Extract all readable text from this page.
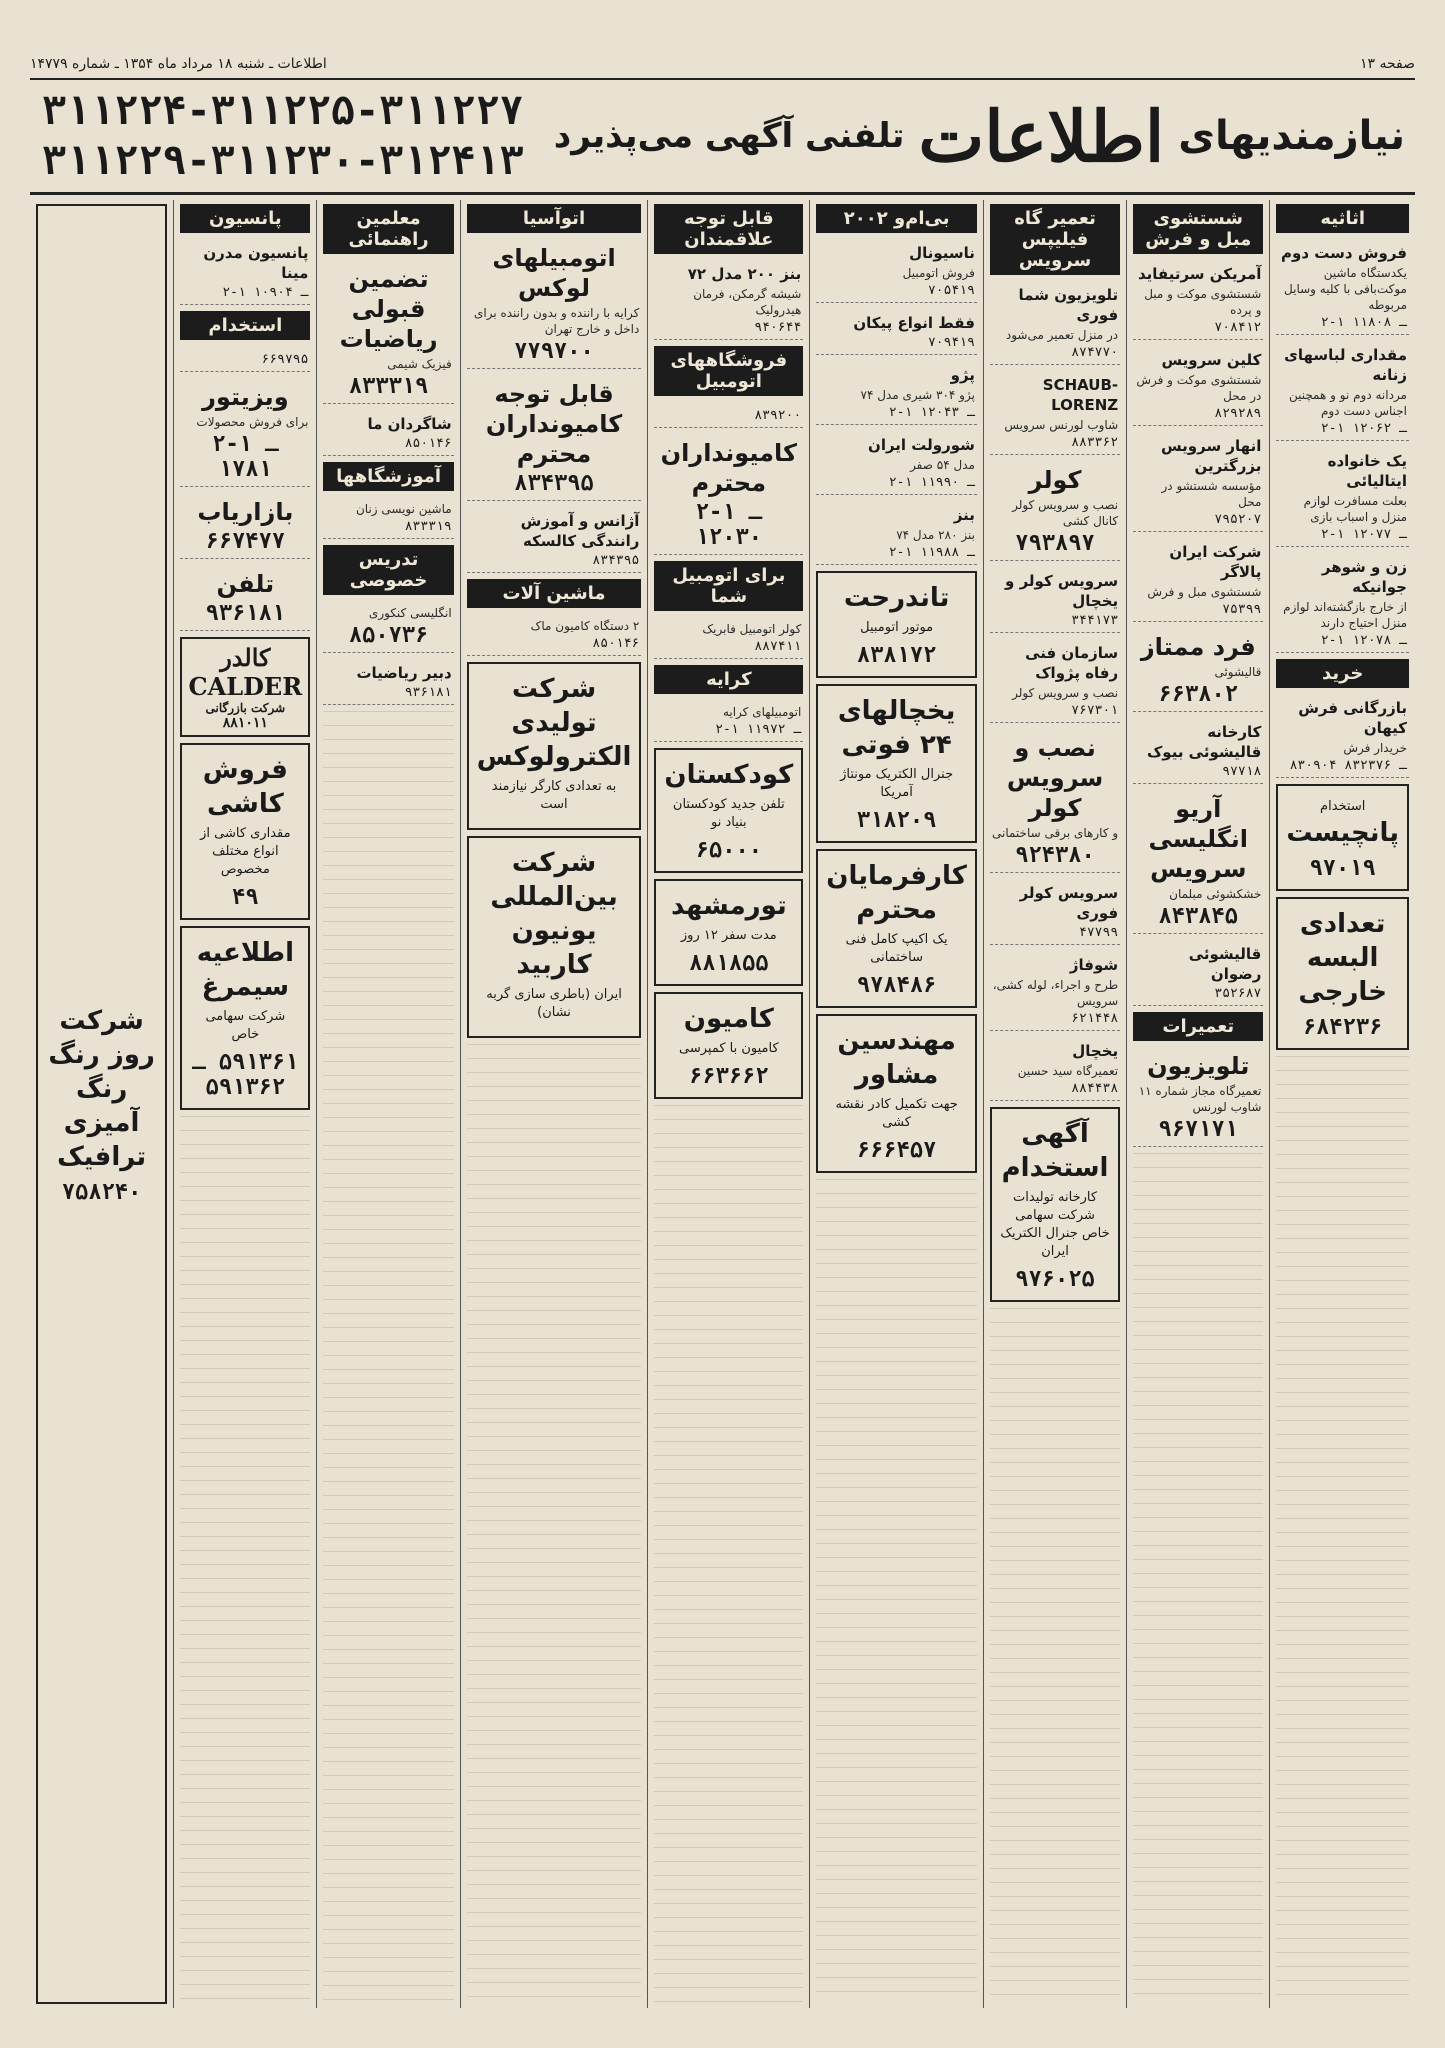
صفحه ۱۳
اطلاعات ـ شنبه ۱۸ مرداد ماه ۱۳۵۴ ـ شماره ۱۴۷۷۹
نیازمندیهای
اطلاعات
تلفنی آگهی می‌پذیرد
۳۱۱۲۲۴-۳۱۱۲۲۵-۳۱۱۲۲۷
۳۱۱۲۲۹-۳۱۱۲۳۰-۳۱۲۴۱۳
اثاثیه
فروش دست دوم
یکدستگاه ماشین موکت‌بافی با کلیه وسایل مربوطه
۲-۱ ـ ۱۱۸۰۸
مقداری لباسهای زنانه
مردانه دوم نو و همچنین اجناس دست دوم
۲-۱ ـ ۱۲۰۶۲
یک خانواده ایتالیائی
بعلت مسافرت لوازم منزل و اسباب بازی
۲-۱ ـ ۱۲۰۷۷
زن و شوهر جوانیکه
از خارج بازگشته‌اند لوازم منزل احتیاج دارند
۲-۱ ـ ۱۲۰۷۸
خرید
بازرگانی فرش کیهان
خریدار فرش
۸۳۰۹۰۴ ـ ۸۳۲۳۷۶
استخدام
پانچیست
۹۷۰۱۹
تعدادی البسه خارجی
۶۸۴۲۳۶
شستشوی مبل و فرش
آمریکن سرتیفاید
شستشوی موکت و مبل و پرده
۷۰۸۴۱۲
کلین سرویس
شستشوی موکت و فرش در محل
۸۲۹۲۸۹
انهار سرویس بزرگترین
مؤسسه شستشو در محل
۷۹۵۲۰۷
شرکت ایران پالاگر
شستشوی مبل و فرش
۷۵۳۹۹
فرد ممتاز
قالیشوئی
۶۶۳۸۰۲
کارخانه قالیشوئی بیوک
۹۷۷۱۸
آریو انگلیسی سرویس
خشکشوئی مبلمان
۸۴۳۸۴۵
قالیشوئی رضوان
۳۵۲۶۸۷
تعمیرات
تلویزیون
تعمیرگاه مجاز شماره ۱۱ شاوب لورنس
۹۶۷۱۷۱
تعمیر گاه فیلیپس سرویس
تلویزیون شما فوری
در منزل تعمیر می‌شود
۸۷۴۷۷۰
SCHAUB-LORENZ
شاوب لورنس سرویس
۸۸۳۳۶۲
کولر
نصب و سرویس کولر کانال کشی
۷۹۳۸۹۷
سرویس کولر و یخچال
۳۴۴۱۷۳
سازمان فنی رفاه پژواک
نصب و سرویس کولر
۷۶۷۳۰۱
نصب و سرویس کولر
و کارهای برقی ساختمانی
۹۲۴۳۸۰
سرویس کولر فوری
۴۷۷۹۹
شوفاژ
طرح و اجراء، لوله کشی، سرویس
۶۲۱۴۴۸
یخچال
تعمیرگاه سید حسین
۸۸۴۴۳۸
آگهی استخدام
کارخانه تولیدات شرکت سهامی خاص جنرال الکتریک ایران
۹۷۶۰۲۵
بی‌ام‌و ۲۰۰۲
ناسیونال
فروش اتومبیل
۷۰۵۴۱۹
فقط انواع پیکان
۷۰۹۴۱۹
پژو
پژو ۳۰۴ شیری مدل ۷۴
۲-۱ ـ ۱۲۰۴۳
شورولت ایران
مدل ۵۴ صفر
۲-۱ ـ ۱۱۹۹۰
بنز
بنز ۲۸۰ مدل ۷۴
۲-۱ ـ ۱۱۹۸۸
تاندرحت
موتور اتومبیل
۸۳۸۱۷۲
یخچالهای ۲۴ فوتی
جنرال الکتریک مونتاژ آمریکا
۳۱۸۲۰۹
کارفرمایان محترم
یک اکیپ کامل فنی ساختمانی
۹۷۸۴۸۶
مهندسین مشاور
جهت تکمیل کادر نقشه کشی
۶۶۶۴۵۷
قابل توجه علاقمندان
بنز ۲۰۰ مدل ۷۲
شیشه گرمکن، فرمان هیدرولیک
۹۴۰۶۴۴
فروشگاههای اتومبیل
۸۳۹۲۰۰
کامیونداران محترم
۲-۱ ـ ۱۲۰۳۰
برای اتومبیل شما
کولر اتومبیل فابریک
۸۸۷۴۱۱
کرایه
اتومبیلهای کرایه
۲-۱ ـ ۱۱۹۷۲
کودکستان
تلفن جدید کودکستان بنیاد نو
۶۵۰۰۰
تورمشهد
مدت سفر ۱۲ روز
۸۸۱۸۵۵
کامیون
کامیون با کمپرسی
۶۶۳۶۶۲
اتوآسیا
اتومبیلهای لوکس
کرایه با راننده و بدون راننده برای داخل و خارج تهران
۷۷۹۷۰۰
قابل توجه کامیونداران محترم
۸۳۴۳۹۵
آژانس و آموزش رانندگی کالسکه
۸۳۴۳۹۵
ماشین آلات
۲ دستگاه کامیون ماک
۸۵۰۱۴۶
شرکت تولیدی الکترولوکس
به تعدادی کارگر نیازمند است
شرکت بین‌المللی یونیون کاربید
ایران (باطری سازی گربه نشان)
معلمین راهنمائی
تضمین قبولی ریاضیات
فیزیک شیمی
۸۳۳۳۱۹
شاگردان ما
۸۵۰۱۴۶
آموزشگاهها
ماشین نویسی زنان
۸۳۳۳۱۹
تدریس خصوصی
انگلیسی کنکوری
۸۵۰۷۳۶
دبیر ریاضیات
۹۳۶۱۸۱
پانسیون
پانسیون مدرن مینا
۲-۱ ـ ۱۰۹۰۴
استخدام
۶۶۹۷۹۵
ویزیتور
برای فروش محصولات
۲-۱ ـ ۱۷۸۱
بازاریاب
۶۶۷۴۷۷
تلفن
۹۳۶۱۸۱
کالدر CALDER
شرکت بازرگانی
۸۸۱۰۱۱
فروش کاشی
مقداری کاشی از انواع مختلف مخصوص
۴۹
اطلاعیه سیمرغ
شرکت سهامی خاص
۵۹۱۳۶۱ ـ ۵۹۱۳۶۲
شرکت روز رنگ
رنگ آمیزی ترافیک
۷۵۸۲۴۰
